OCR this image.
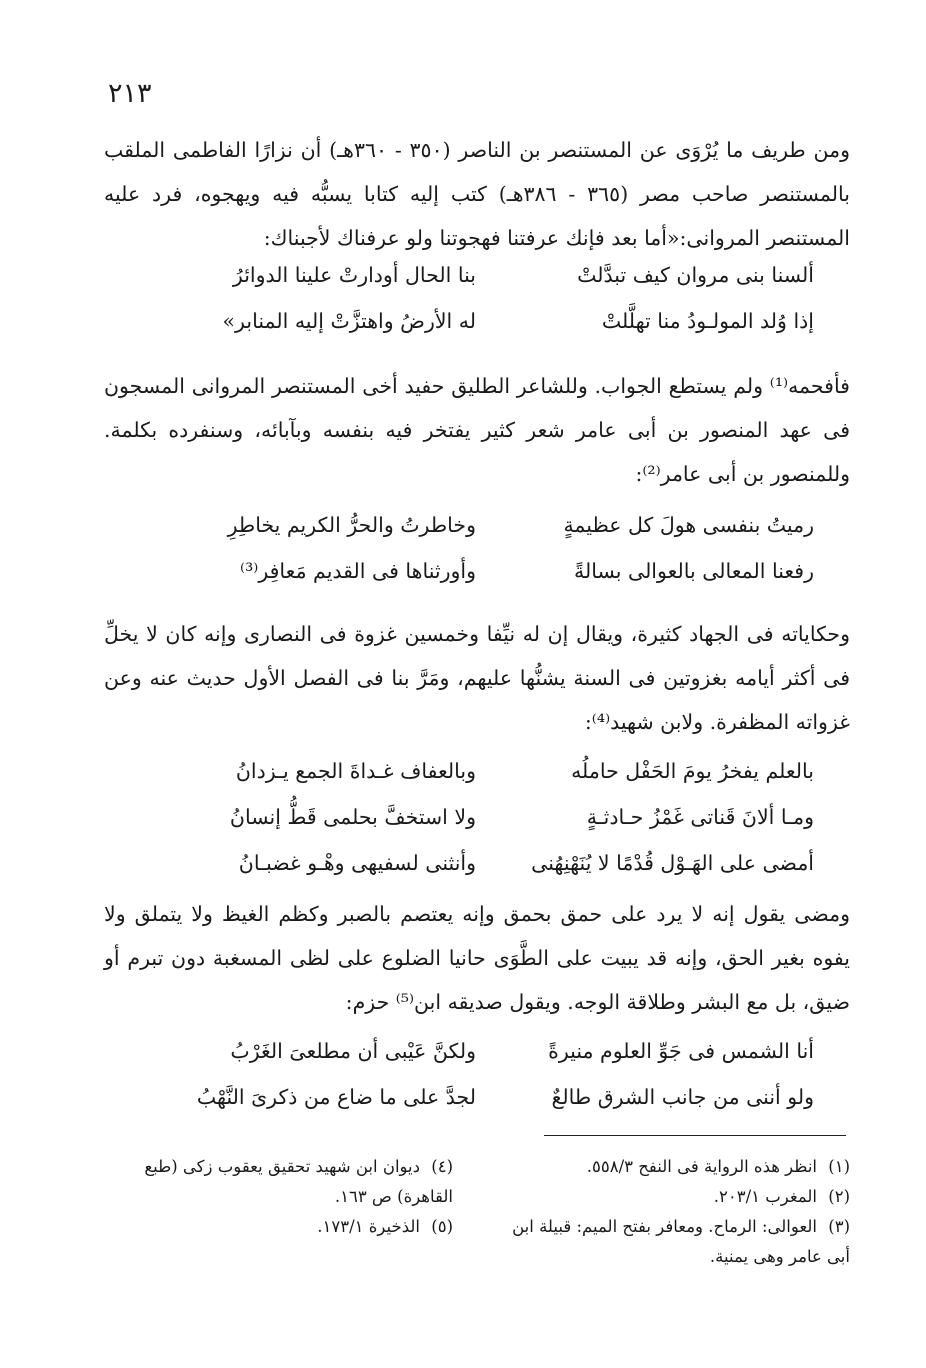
٢١٣

ومن طريف ما يُرْوَى عن المستنصر بن الناصر (٣٥٠ - ٣٦٠هـ) أن نزارًا الفاطمى الملقب بالمستنصر صاحب مصر (٣٦٥ - ٣٨٦هـ) كتب إليه كتابا يسبُّه فيه ويهجوه، فرد عليه المستنصر المروانى:«أما بعد فإنك عرفتنا فهجوتنا ولو عرفناك لأجبناك:

ألسنا بنى مروان كيف تبدَّلتْ
بنا الحال أودارتْ علينا الدوائرُ
إذا وُلد المولـودُ منا تهلَّلتْ
له الأرضُ واهتزَّتْ إليه المنابر»

فأفحمه⁽¹⁾ ولم يستطع الجواب. وللشاعر الطليق حفيد أخى المستنصر المروانى المسجون فى عهد المنصور بن أبى عامر شعر كثير يفتخر فيه بنفسه وبآبائه، وسنفرده بكلمة. وللمنصور بن أبى عامر⁽²⁾:

رميتُ بنفسى هولَ كل عظيمةٍ
وخاطرتُ والحرُّ الكريم يخاطِرِ
رفعنا المعالى بالعوالى بسالةً
وأورثناها فى القديم مَعافِر⁽³⁾

وحكاياته فى الجهاد كثيرة، ويقال إن له نيِّفا وخمسين غزوة فى النصارى وإنه كان لا يخلِّ فى أكثر أيامه بغزوتين فى السنة يشنُّها عليهم، ومَرَّ بنا فى الفصل الأول حديث عنه وعن غزواته المظفرة. ولابن شهيد⁽⁴⁾:

بالعلم يفخرُ يومَ الحَفْل حاملُه
وبالعفاف غـداةَ الجمع يـزدانُ
ومـا ألانَ قَناتى غَمْزُ حـادثـةٍ
ولا استخفَّ بحلمى قَطُّ إنسانُ
أمضى على الهَـوْل قُدْمًا لا يُنَهْنِهُنى
وأنثنى لسفيهى وهْـو غضبـانُ

ومضى يقول إنه لا يرد على حمق بحمق وإنه يعتصم بالصبر وكظم الغيظ ولا يتملق ولا يفوه بغير الحق، وإنه قد يبيت على الطَّوَى حانيا الضلوع على لظى المسغبة دون تبرم أو ضيق، بل مع البشر وطلاقة الوجه. ويقول صديقه ابن⁽⁵⁾ حزم:

أنا الشمس فى جَوِّ العلوم منيرةً
ولكنَّ عَيْبى أن مطلعىَ الغَرْبُ
ولو أننى من جانب الشرق طالعٌ
لجدَّ على ما ضاع من ذكرىَ النَّهْبُ

(١) انظر هذه الرواية فى النفح ٥٥٨/٣.

(٢) المغرب ٢٠٣/١.

(٣) العوالى: الرماح. ومعافر بفتح الميم: قبيلة ابن أبى عامر وهى يمنية.

(٤) ديوان ابن شهيد تحقيق يعقوب زكى (طبع القاهرة) ص ١٦٣.

(٥) الذخيرة ١٧٣/١.
